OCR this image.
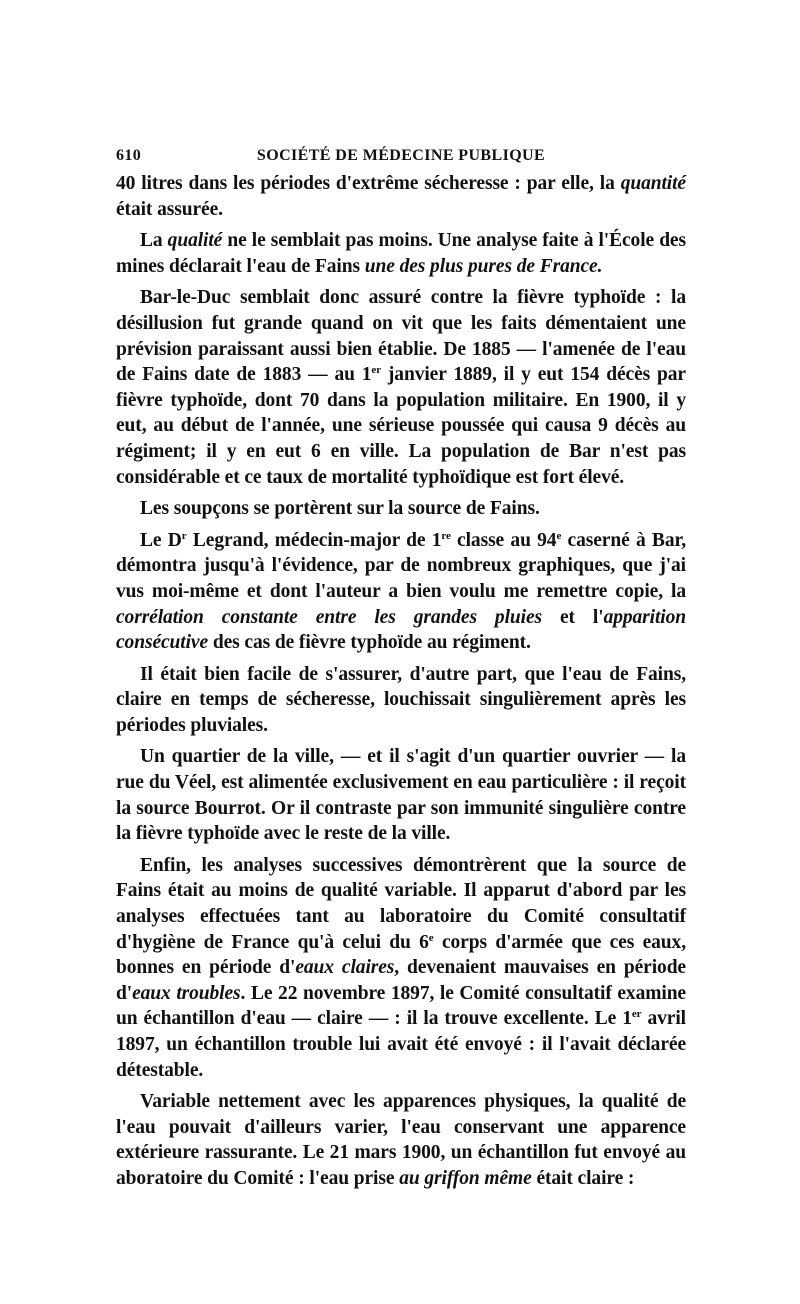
610	SOCIÉTÉ DE MÉDECINE PUBLIQUE

40 litres dans les périodes d'extrême sécheresse : par elle, la quantité était assurée.

La qualité ne le semblait pas moins. Une analyse faite à l'École des mines déclarait l'eau de Fains une des plus pures de France.

Bar-le-Duc semblait donc assuré contre la fièvre typhoïde : la désillusion fut grande quand on vit que les faits démentaient une prévision paraissant aussi bien établie. De 1885 — l'amenée de l'eau de Fains date de 1883 — au 1er janvier 1889, il y eut 154 décès par fièvre typhoïde, dont 70 dans la population militaire. En 1900, il y eut, au début de l'année, une sérieuse poussée qui causa 9 décès au régiment; il y en eut 6 en ville. La population de Bar n'est pas considérable et ce taux de mortalité typhoïdique est fort élevé.

Les soupçons se portèrent sur la source de Fains.

Le $D^r$ Legrand, médecin-major de 1re classe au 94e caserné à Bar, démontra jusqu'à l'évidence, par de nombreux graphiques, que j'ai vus moi-même et dont l'auteur a bien voulu me remettre copie, la corrélation constante entre les grandes pluies et l'apparition consécutive des cas de fièvre typhoïde au régiment.

Il était bien facile de s'assurer, d'autre part, que l'eau de Fains, claire en temps de sécheresse, louchissait singulièrement après les périodes pluviales.

Un quartier de la ville, — et il s'agit d'un quartier ouvrier — la rue du Véel, est alimentée exclusivement en eau particulière : il reçoit la source Bourrot. Or il contraste par son immunité singulière contre la fièvre typhoïde avec le reste de la ville.

Enfin, les analyses successives démontrèrent que la source de Fains était au moins de qualité variable. Il apparut d'abord par les analyses effectuées tant au laboratoire du Comité consultatif d'hygiène de France qu'à celui du 6e corps d'armée que ces eaux, bonnes en période d'eaux claires, devenaient mauvaises en période d'eaux troubles. Le 22 novembre 1897, le Comité consultatif examine un échantillon d'eau — claire — : il la trouve excellente. Le 1er avril 1897, un échantillon trouble lui avait été envoyé : il l'avait déclarée détestable.

Variable nettement avec les apparences physiques, la qualité de l'eau pouvait d'ailleurs varier, l'eau conservant une apparence extérieure rassurante. Le 21 mars 1900, un échantillon fut envoyé au aboratoire du Comité : l'eau prise au griffon même était claire :
